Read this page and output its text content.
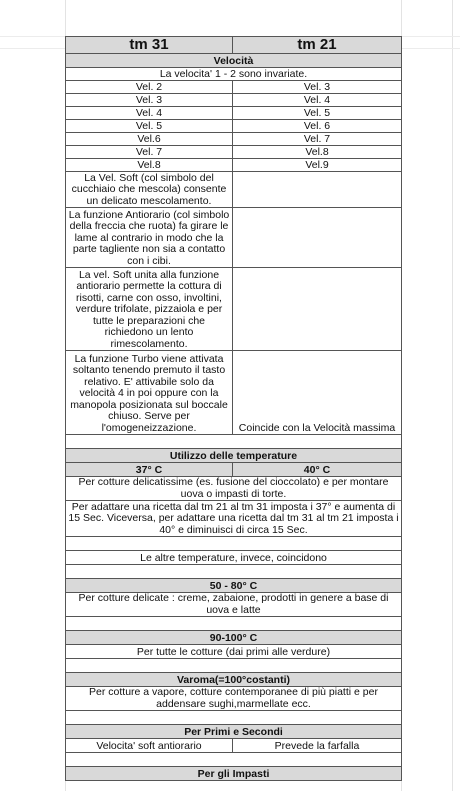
tm 31	tm 21
Velocità	
La velocita' 1 - 2 sono invariate.	
Vel. 2	Vel. 3
Vel. 3	Vel. 4
Vel. 4	Vel. 5
Vel. 5	Vel. 6
Vel.6	Vel. 7
Vel. 7	Vel.8
Vel.8	Vel.9
La Vel. Soft (col simbolo del cucchiaio che mescola) consente un delicato mescolamento.	
La funzione Antiorario (col simbolo della freccia che ruota) fa girare le lame al contrario in modo che la parte tagliente non sia a contatto con i cibi.	
La vel. Soft unita alla funzione antiorario permette la cottura di risotti, carne con osso, involtini, verdure trifolate, pizzaiola e per tutte le preparazioni che richiedono un lento rimescolamento.	
La funzione Turbo viene attivata soltanto tenendo premuto il tasto relativo. E' attivabile solo da velocità 4 in poi oppure con la manopola posizionata sul boccale chiuso. Serve per l'omogeneizzazione.	Coincide con la Velocità massima

Utilizzo delle temperature	
37° C	40° C
Per cotture delicatissime (es. fusione del cioccolato) e per montare uova o impasti di torte.	
Per adattare una ricetta dal tm 21 al tm 31 imposta i 37° e aumenta di 15 Sec. Viceversa, per adattare una ricetta dal tm 31 al tm 21 imposta i 40° e diminuisci di circa 15 Sec.	

Le altre temperature, invece, coincidono	

50 - 80° C	
Per cotture delicate : creme, zabaione, prodotti in genere a base di uova e latte	

90-100° C	
Per tutte le cotture (dai primi alle verdure)	

Varoma(=100°costanti)	
Per cotture a vapore, cotture contemporanee di più piatti e per addensare sughi,marmellate ecc.	

Per Primi e Secondi	
Velocita' soft antiorario	Prevede la farfalla

Per gli Impasti	
